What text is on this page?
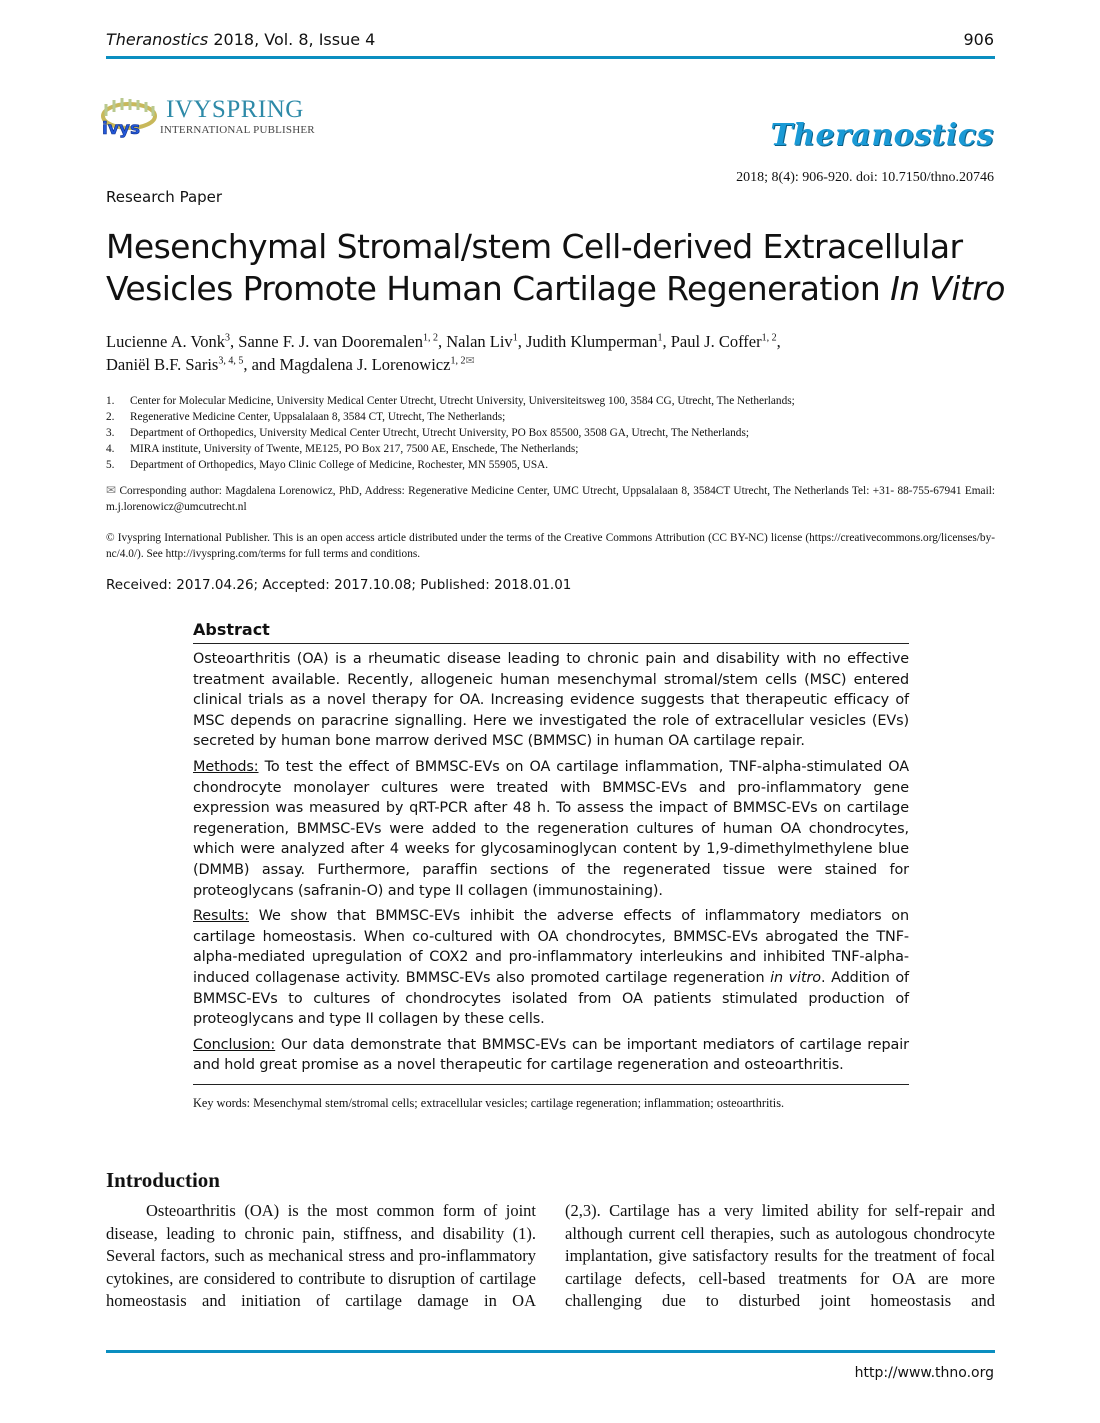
Theranostics 2018, Vol. 8, Issue 4	906
ivys
IVYSPRING
INTERNATIONAL PUBLISHER	Theranostics
2018; 8(4): 906-920. doi: 10.7150/thno.20746
Research Paper
Mesenchymal Stromal/stem Cell-derived Extracellular Vesicles Promote Human Cartilage Regeneration In Vitro
Lucienne A. Vonk$^3$, Sanne F. J. van Dooremalen$^{1, 2}$, Nalan Liv$^1$, Judith Klumperman$^1$, Paul J. Coffer$^{1, 2}$,
Daniël B.F. Saris$^{3, 4, 5}$, and Magdalena J. Lorenowicz$^{1, 2}$✉
1. Center for Molecular Medicine, University Medical Center Utrecht, Utrecht University, Universiteitsweg 100, 3584 CG, Utrecht, The Netherlands;
2. Regenerative Medicine Center, Uppsalalaan 8, 3584 CT, Utrecht, The Netherlands;
3. Department of Orthopedics, University Medical Center Utrecht, Utrecht University, PO Box 85500, 3508 GA, Utrecht, The Netherlands;
4. MIRA institute, University of Twente, ME125, PO Box 217, 7500 AE, Enschede, The Netherlands;
5. Department of Orthopedics, Mayo Clinic College of Medicine, Rochester, MN 55905, USA.
✉ Corresponding author: Magdalena Lorenowicz, PhD, Address: Regenerative Medicine Center, UMC Utrecht, Uppsalalaan 8, 3584CT Utrecht, The Netherlands Tel: +31- 88-755-67941 Email: m.j.lorenowicz@umcutrecht.nl
© Ivyspring International Publisher. This is an open access article distributed under the terms of the Creative Commons Attribution (CC BY-NC) license (https://creativecommons.org/licenses/by-nc/4.0/). See http://ivyspring.com/terms for full terms and conditions.
Received: 2017.04.26; Accepted: 2017.10.08; Published: 2018.01.01
Abstract

Osteoarthritis (OA) is a rheumatic disease leading to chronic pain and disability with no effective treatment available. Recently, allogeneic human mesenchymal stromal/stem cells (MSC) entered clinical trials as a novel therapy for OA. Increasing evidence suggests that therapeutic efficacy of MSC depends on paracrine signalling. Here we investigated the role of extracellular vesicles (EVs) secreted by human bone marrow derived MSC (BMMSC) in human OA cartilage repair.

Methods: To test the effect of BMMSC-EVs on OA cartilage inflammation, TNF-alpha-stimulated OA chondrocyte monolayer cultures were treated with BMMSC-EVs and pro-inflammatory gene expression was measured by qRT-PCR after 48 h. To assess the impact of BMMSC-EVs on cartilage regeneration, BMMSC-EVs were added to the regeneration cultures of human OA chondrocytes, which were analyzed after 4 weeks for glycosaminoglycan content by 1,9-dimethylmethylene blue (DMMB) assay. Furthermore, paraffin sections of the regenerated tissue were stained for proteoglycans (safranin-O) and type II collagen (immunostaining).

Results: We show that BMMSC-EVs inhibit the adverse effects of inflammatory mediators on cartilage homeostasis. When co-cultured with OA chondrocytes, BMMSC-EVs abrogated the TNF-alpha-mediated upregulation of COX2 and pro-inflammatory interleukins and inhibited TNF-alpha-induced collagenase activity. BMMSC-EVs also promoted cartilage regeneration in vitro. Addition of BMMSC-EVs to cultures of chondrocytes isolated from OA patients stimulated production of proteoglycans and type II collagen by these cells.

Conclusion: Our data demonstrate that BMMSC-EVs can be important mediators of cartilage repair and hold great promise as a novel therapeutic for cartilage regeneration and osteoarthritis.

Key words: Mesenchymal stem/stromal cells; extracellular vesicles; cartilage regeneration; inflammation; osteoarthritis.
Introduction
Osteoarthritis (OA) is the most common form of joint disease, leading to chronic pain, stiffness, and disability (1). Several factors, such as mechanical stress and pro-inflammatory cytokines, are considered to contribute to disruption of cartilage homeostasis and initiation of cartilage damage in OA
(2,3). Cartilage has a very limited ability for self-repair and although current cell therapies, such as autologous chondrocyte implantation, give satisfactory results for the treatment of focal cartilage defects, cell-based treatments for OA are more challenging due to disturbed joint homeostasis and
http://www.thno.org
